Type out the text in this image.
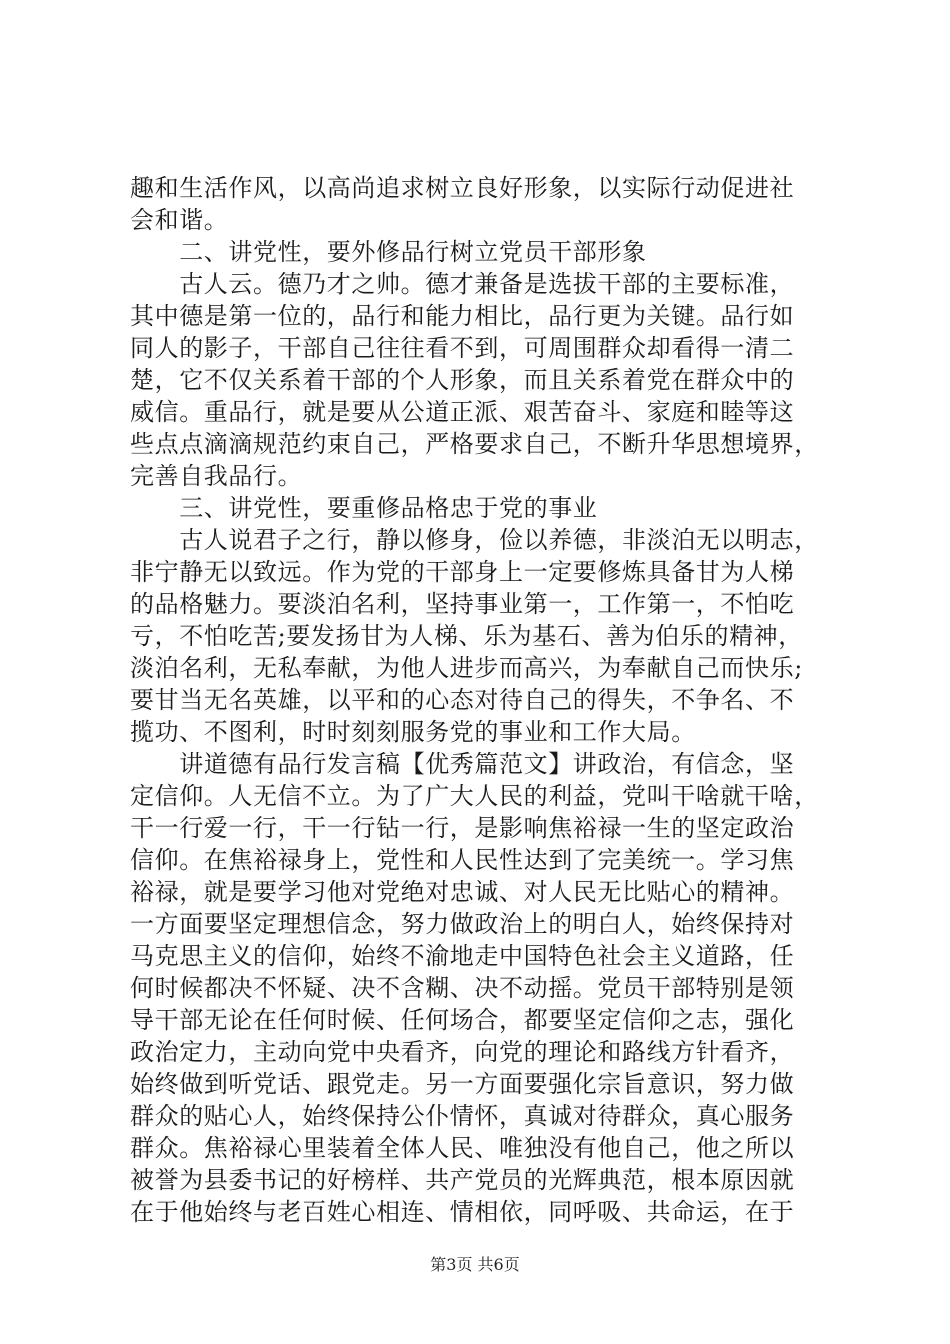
趣和生活作风，以高尚追求树立良好形象，以实际行动促进社
会和谐。
　　二、讲党性，要外修品行树立党员干部形象
　　古人云。德乃才之帅。德才兼备是选拔干部的主要标准，
其中德是第一位的，品行和能力相比，品行更为关键。品行如
同人的影子，干部自己往往看不到，可周围群众却看得一清二
楚，它不仅关系着干部的个人形象，而且关系着党在群众中的
威信。重品行，就是要从公道正派、艰苦奋斗、家庭和睦等这
些点点滴滴规范约束自己，严格要求自己，不断升华思想境界，
完善自我品行。
　　三、讲党性，要重修品格忠于党的事业
　　古人说君子之行，静以修身，俭以养德，非淡泊无以明志，
非宁静无以致远。作为党的干部身上一定要修炼具备甘为人梯
的品格魅力。要淡泊名利，坚持事业第一，工作第一，不怕吃
亏，不怕吃苦;要发扬甘为人梯、乐为基石、善为伯乐的精神，
淡泊名利，无私奉献，为他人进步而高兴，为奉献自己而快乐;
要甘当无名英雄，以平和的心态对待自己的得失，不争名、不
揽功、不图利，时时刻刻服务党的事业和工作大局。
　　讲道德有品行发言稿【优秀篇范文】讲政治，有信念，坚
定信仰。人无信不立。为了广大人民的利益，党叫干啥就干啥，
干一行爱一行，干一行钻一行，是影响焦裕禄一生的坚定政治
信仰。在焦裕禄身上，党性和人民性达到了完美统一。学习焦
裕禄，就是要学习他对党绝对忠诚、对人民无比贴心的精神。
一方面要坚定理想信念，努力做政治上的明白人，始终保持对
马克思主义的信仰，始终不渝地走中国特色社会主义道路，任
何时候都决不怀疑、决不含糊、决不动摇。党员干部特别是领
导干部无论在任何时候、任何场合，都要坚定信仰之志，强化
政治定力，主动向党中央看齐，向党的理论和路线方针看齐，
始终做到听党话、跟党走。另一方面要强化宗旨意识，努力做
群众的贴心人，始终保持公仆情怀，真诚对待群众，真心服务
群众。焦裕禄心里装着全体人民、唯独没有他自己，他之所以
被誉为县委书记的好榜样、共产党员的光辉典范，根本原因就
在于他始终与老百姓心相连、情相依，同呼吸、共命运，在于
第3页 共6页
